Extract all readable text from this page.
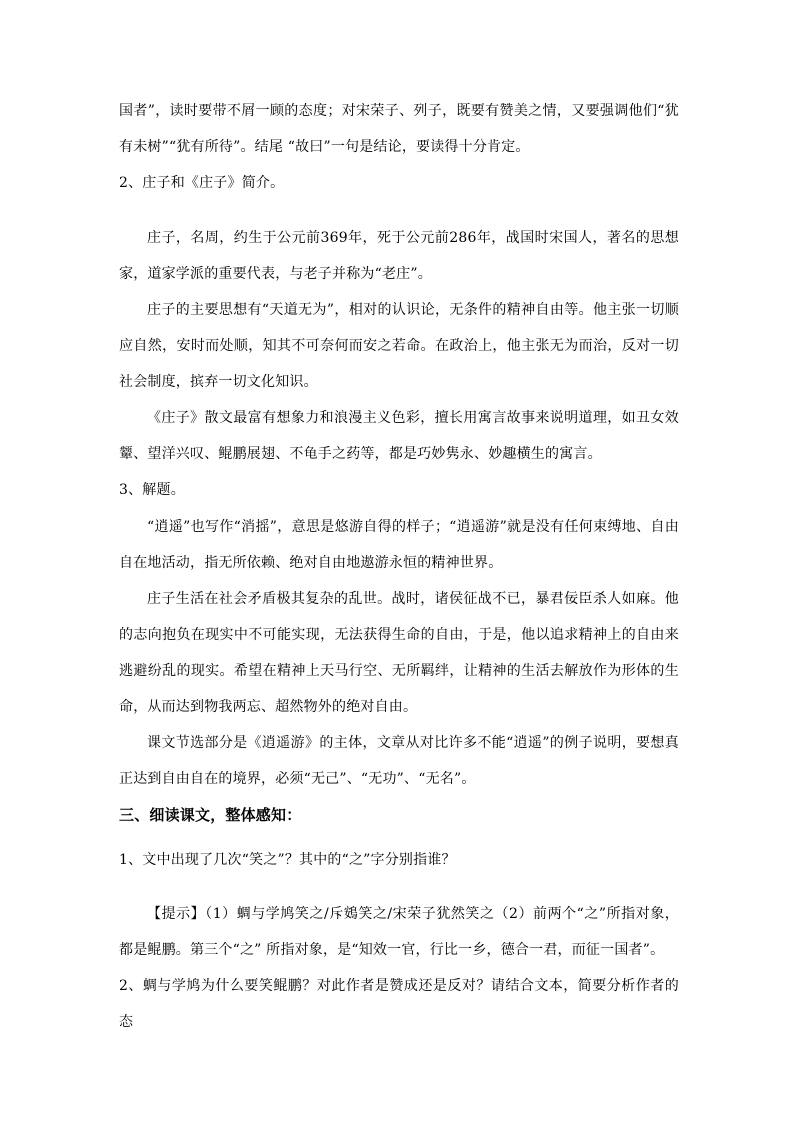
国者”，读时要带不屑一顾的态度；对宋荣子、列子，既要有赞美之情，又要强调他们“犹有未树”“犹有所待”。结尾 “故曰”一句是结论，要读得十分肯定。

2、庄子和《庄子》简介。

庄子，名周，约生于公元前369年，死于公元前286年，战国时宋国人，著名的思想家，道家学派的重要代表，与老子并称为“老庄”。

庄子的主要思想有“天道无为”，相对的认识论，无条件的精神自由等。他主张一切顺应自然，安时而处顺，知其不可奈何而安之若命。在政治上，他主张无为而治，反对一切社会制度，摈弃一切文化知识。

《庄子》散文最富有想象力和浪漫主义色彩，擅长用寓言故事来说明道理，如丑女效颦、望洋兴叹、鲲鹏展翅、不龟手之药等，都是巧妙隽永、妙趣横生的寓言。

3、解题。

“逍遥”也写作“消摇”，意思是悠游自得的样子；“逍遥游”就是没有任何束缚地、自由自在地活动，指无所依赖、绝对自由地遨游永恒的精神世界。

庄子生活在社会矛盾极其复杂的乱世。战时，诸侯征战不已，暴君佞臣杀人如麻。他的志向抱负在现实中不可能实现，无法获得生命的自由，于是，他以追求精神上的自由来逃避纷乱的现实。希望在精神上天马行空、无所羁绊，让精神的生活去解放作为形体的生命，从而达到物我两忘、超然物外的绝对自由。

课文节选部分是《逍遥游》的主体，文章从对比许多不能“逍遥”的例子说明，要想真正达到自由自在的境界，必须“无己”、“无功”、“无名”。

三、细读课文，整体感知：

1、文中出现了几次“笑之”？其中的“之”字分别指谁？

【提示】（1）蜩与学鸠笑之/斥鴳笑之/宋荣子犹然笑之（2）前两个“之”所指对象，都是鲲鹏。第三个“之” 所指对象，是“知效一官，行比一乡，德合一君，而征一国者”。

2、蜩与学鸠为什么要笑鲲鹏？对此作者是赞成还是反对？请结合文本，简要分析作者的态
